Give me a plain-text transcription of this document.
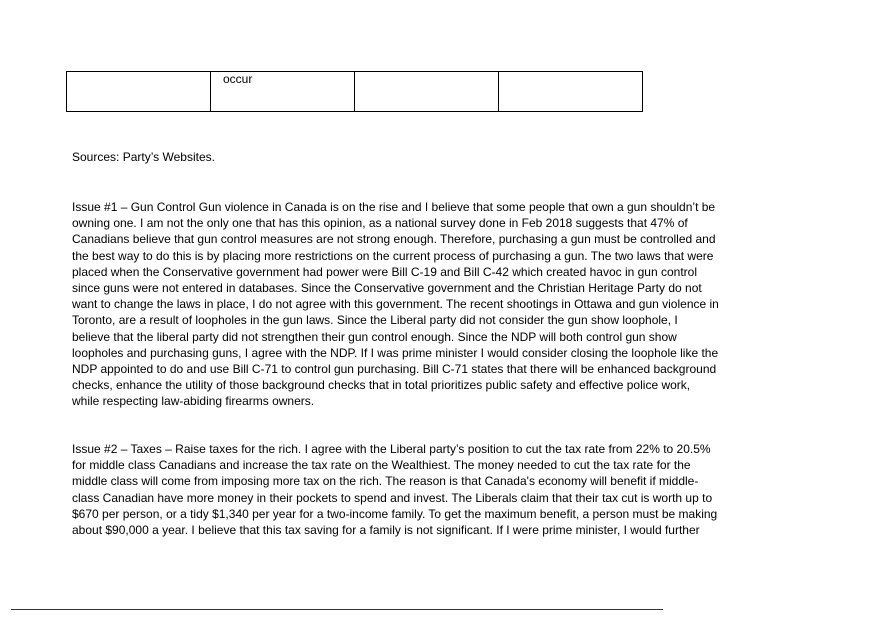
	occur		

Sources: Party’s Websites.

Issue #1 – Gun Control Gun violence in Canada is on the rise and I believe that some people that own a gun shouldn’t be
owning one. I am not the only one that has this opinion, as a national survey done in Feb 2018 suggests that 47% of
Canadians believe that gun control measures are not strong enough. Therefore, purchasing a gun must be controlled and
the best way to do this is by placing more restrictions on the current process of purchasing a gun. The two laws that were
placed when the Conservative government had power were Bill C-19 and Bill C-42 which created havoc in gun control
since guns were not entered in databases. Since the Conservative government and the Christian Heritage Party do not
want to change the laws in place, I do not agree with this government. The recent shootings in Ottawa and gun violence in
Toronto, are a result of loopholes in the gun laws. Since the Liberal party did not consider the gun show loophole, I
believe that the liberal party did not strengthen their gun control enough. Since the NDP will both control gun show
loopholes and purchasing guns, I agree with the NDP. If I was prime minister I would consider closing the loophole like the
NDP appointed to do and use Bill C-71 to control gun purchasing. Bill C-71 states that there will be enhanced background
checks, enhance the utility of those background checks that in total prioritizes public safety and effective police work,
while respecting law-abiding firearms owners.

Issue #2 – Taxes – Raise taxes for the rich. I agree with the Liberal party’s position to cut the tax rate from 22% to 20.5%
for middle class Canadians and increase the tax rate on the Wealthiest. The money needed to cut the tax rate for the
middle class will come from imposing more tax on the rich. The reason is that Canada's economy will benefit if middle-
class Canadian have more money in their pockets to spend and invest. The Liberals claim that their tax cut is worth up to
$670 per person, or a tidy $1,340 per year for a two-income family. To get the maximum benefit, a person must be making
about $90,000 a year. I believe that this tax saving for a family is not significant. If I were prime minister, I would further
